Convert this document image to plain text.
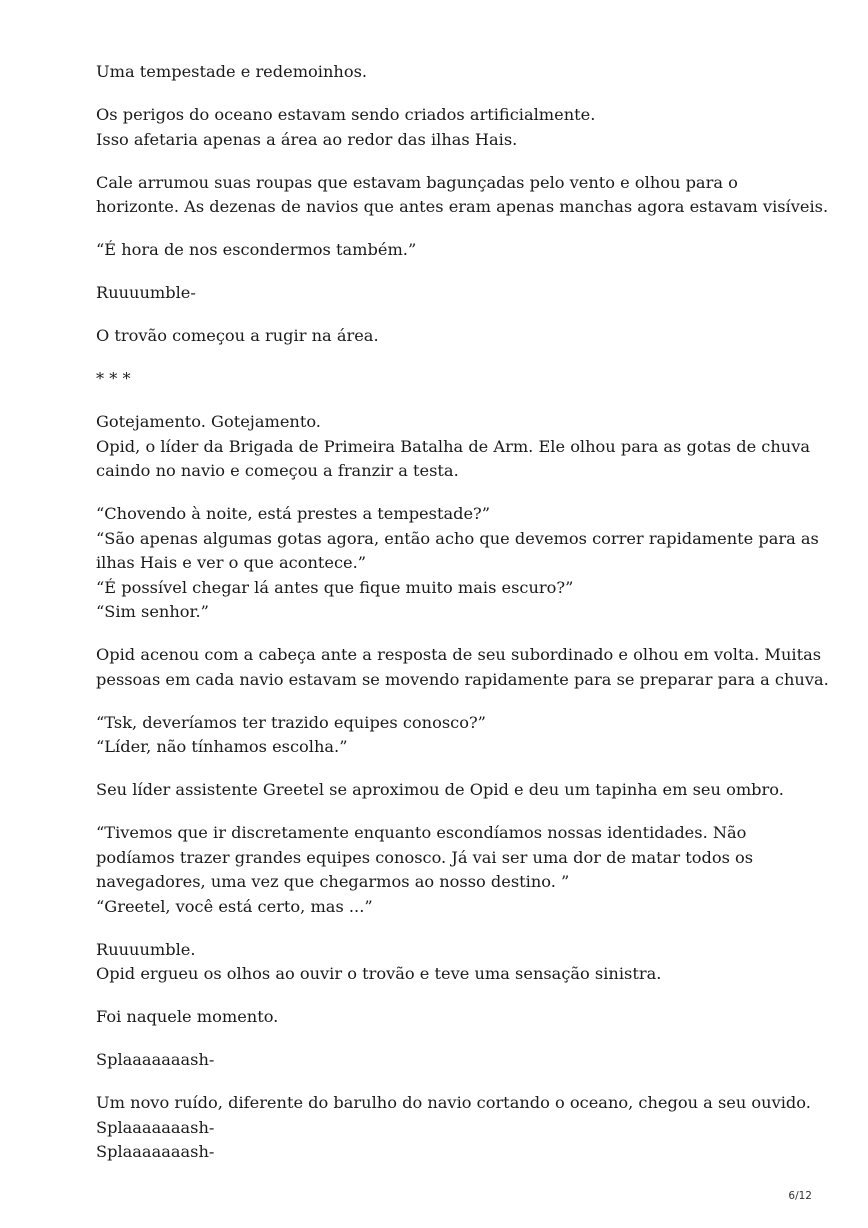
Uma tempestade e redemoinhos.

Os perigos do oceano estavam sendo criados artificialmente.
Isso afetaria apenas a área ao redor das ilhas Hais.

Cale arrumou suas roupas que estavam bagunçadas pelo vento e olhou para o
horizonte. As dezenas de navios que antes eram apenas manchas agora estavam visíveis.

“É hora de nos escondermos também.”

Ruuuumble-

O trovão começou a rugir na área.

* * *

Gotejamento. Gotejamento.
Opid, o líder da Brigada de Primeira Batalha de Arm. Ele olhou para as gotas de chuva
caindo no navio e começou a franzir a testa.

“Chovendo à noite, está prestes a tempestade?”
“São apenas algumas gotas agora, então acho que devemos correr rapidamente para as
ilhas Hais e ver o que acontece.”
“É possível chegar lá antes que fique muito mais escuro?”
“Sim senhor.”

Opid acenou com a cabeça ante a resposta de seu subordinado e olhou em volta. Muitas
pessoas em cada navio estavam se movendo rapidamente para se preparar para a chuva.

“Tsk, deveríamos ter trazido equipes conosco?”
“Líder, não tínhamos escolha.”

Seu líder assistente Greetel se aproximou de Opid e deu um tapinha em seu ombro.

“Tivemos que ir discretamente enquanto escondíamos nossas identidades. Não
podíamos trazer grandes equipes conosco. Já vai ser uma dor de matar todos os
navegadores, uma vez que chegarmos ao nosso destino. ”
“Greetel, você está certo, mas ...”

Ruuuumble.
Opid ergueu os olhos ao ouvir o trovão e teve uma sensação sinistra.

Foi naquele momento.

Splaaaaaaash-

Um novo ruído, diferente do barulho do navio cortando o oceano, chegou a seu ouvido.
Splaaaaaaash-
Splaaaaaaash-

6/12
